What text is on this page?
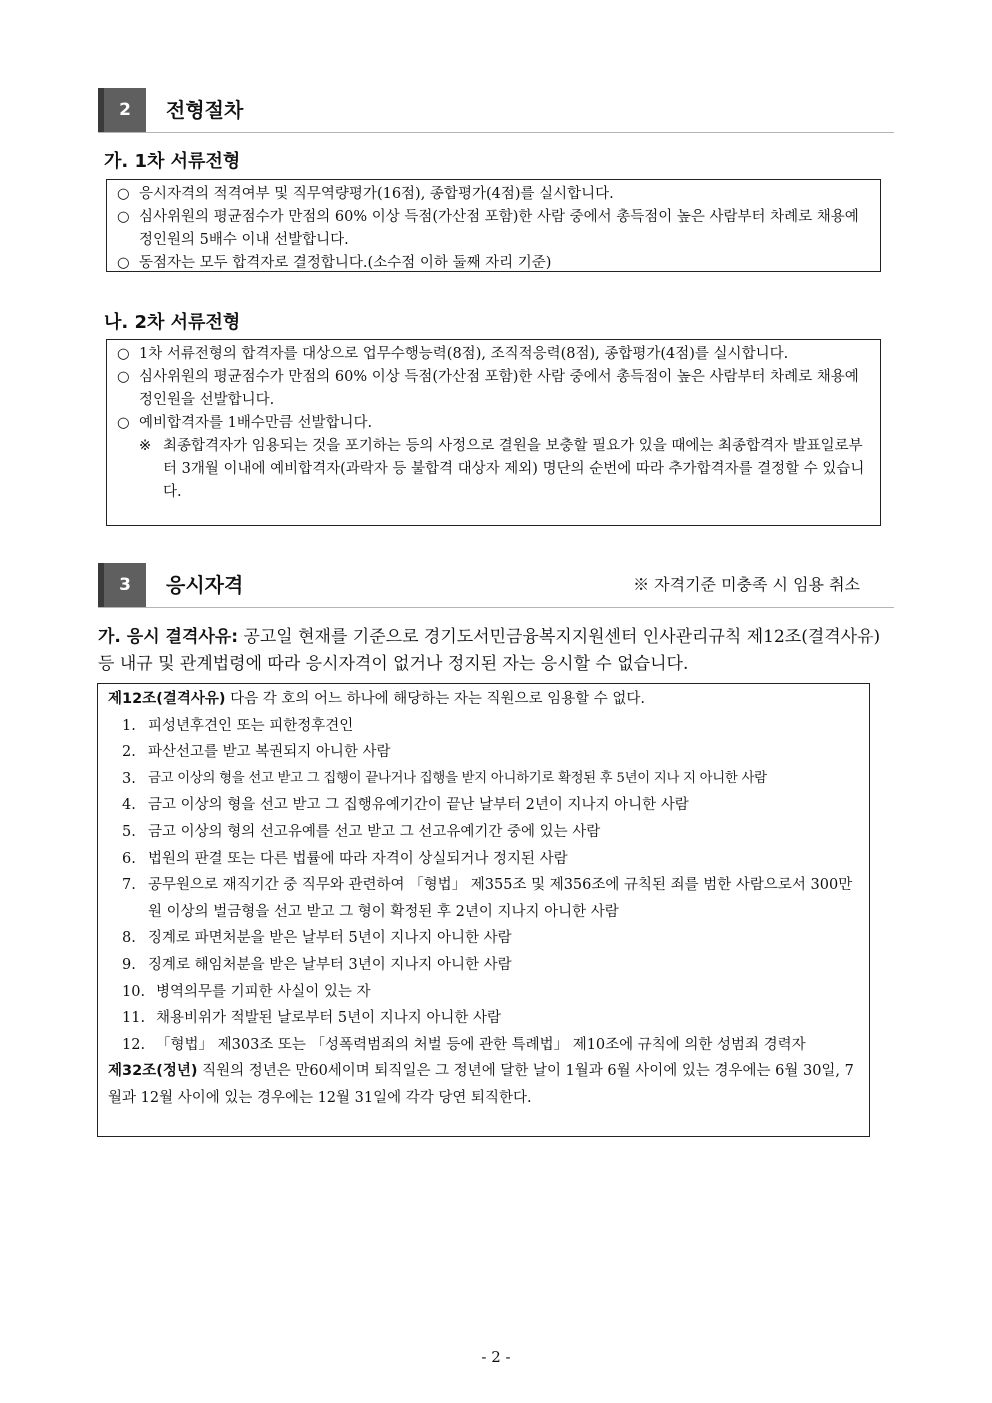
2	전형절차
가. 1차 서류전형
○ 응시자격의 적격여부 및 직무역량평가(16점), 종합평가(4점)를 실시합니다.
○ 심사위원의 평균점수가 만점의 60% 이상 득점(가산점 포함)한 사람 중에서 총득점이 높은 사람부터 차례로 채용예정인원의 5배수 이내 선발합니다.
○ 동점자는 모두 합격자로 결정합니다.(소수점 이하 둘째 자리 기준)
나. 2차 서류전형
○ 1차 서류전형의 합격자를 대상으로 업무수행능력(8점), 조직적응력(8점), 종합평가(4점)를 실시합니다.
○ 심사위원의 평균점수가 만점의 60% 이상 득점(가산점 포함)한 사람 중에서 총득점이 높은 사람부터 차례로 채용예정인원을 선발합니다.
○ 예비합격자를 1배수만큼 선발합니다.
※ 최종합격자가 임용되는 것을 포기하는 등의 사정으로 결원을 보충할 필요가 있을 때에는 최종합격자 발표일로부터 3개월 이내에 예비합격자(과락자 등 불합격 대상자 제외) 명단의 순번에 따라 추가합격자를 결정할 수 있습니다.
3	응시자격	※ 자격기준 미충족 시 임용 취소
가. 응시 결격사유: 공고일 현재를 기준으로 경기도서민금융복지지원센터 인사관리규칙 제12조(결격사유) 등 내규 및 관계법령에 따라 응시자격이 없거나 정지된 자는 응시할 수 없습니다.
제12조(결격사유) 다음 각 호의 어느 하나에 해당하는 자는 직원으로 임용할 수 없다.
1. 피성년후견인 또는 피한정후견인
2. 파산선고를 받고 복권되지 아니한 사람
3. 금고 이상의 형을 선고 받고 그 집행이 끝나거나 집행을 받지 아니하기로 확정된 후 5년이 지나 지 아니한 사람
4. 금고 이상의 형을 선고 받고 그 집행유예기간이 끝난 날부터 2년이 지나지 아니한 사람
5. 금고 이상의 형의 선고유예를 선고 받고 그 선고유예기간 중에 있는 사람
6. 법원의 판결 또는 다른 법률에 따라 자격이 상실되거나 정지된 사람
7. 공무원으로 재직기간 중 직무와 관련하여 「형법」 제355조 및 제356조에 규칙된 죄를 범한 사람으로서 300만원 이상의 벌금형을 선고 받고 그 형이 확정된 후 2년이 지나지 아니한 사람
8. 징계로 파면처분을 받은 날부터 5년이 지나지 아니한 사람
9. 징계로 해임처분을 받은 날부터 3년이 지나지 아니한 사람
10. 병역의무를 기피한 사실이 있는 자
11. 채용비위가 적발된 날로부터 5년이 지나지 아니한 사람
12. 「형법」 제303조 또는 「성폭력범죄의 처벌 등에 관한 특례법」 제10조에 규칙에 의한 성범죄 경력자
제32조(정년) 직원의 정년은 만60세이며 퇴직일은 그 정년에 달한 날이 1월과 6월 사이에 있는 경우에는 6월 30일, 7월과 12월 사이에 있는 경우에는 12월 31일에 각각 당연 퇴직한다.
- 2 -
